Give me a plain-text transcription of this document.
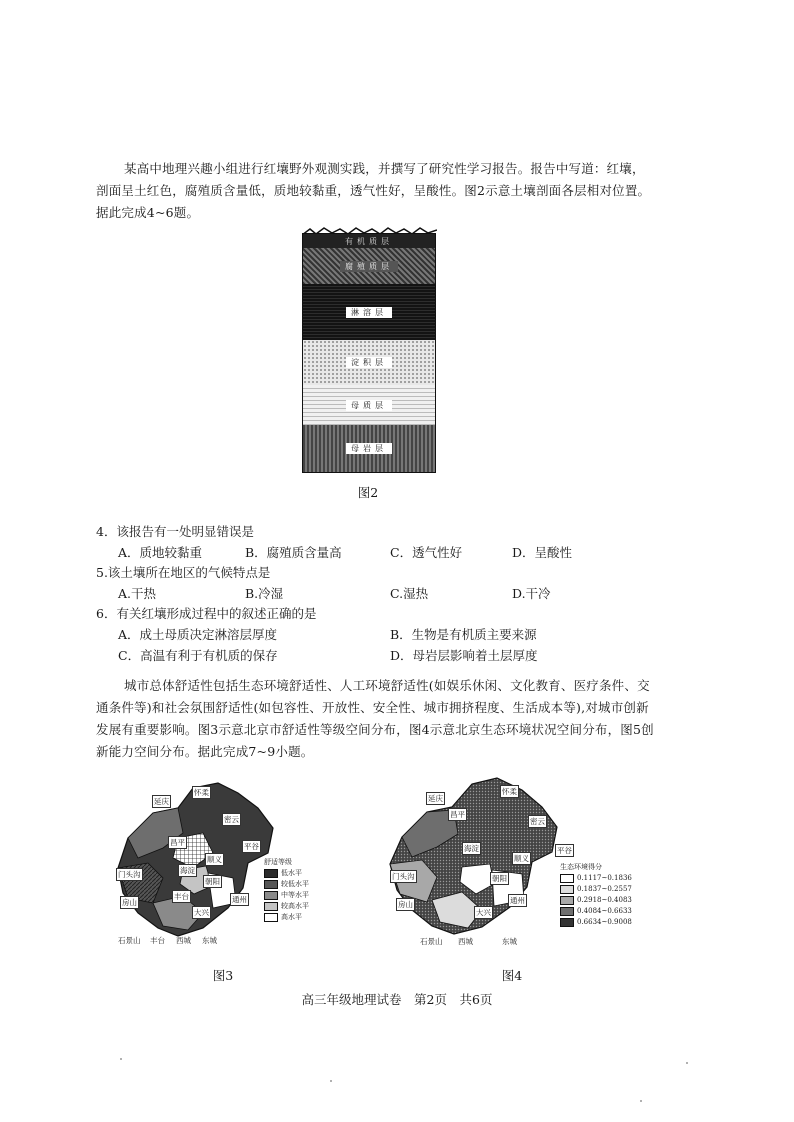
某高中地理兴趣小组进行红壤野外观测实践，并撰写了研究性学习报告。报告中写道：红壤，剖面呈土红色，腐殖质含量低，质地较黏重，透气性好，呈酸性。图2示意土壤剖面各层相对位置。据此完成4~6题。
有机质层
腐殖质层
淋溶层
淀积层
母质层
母岩层
图2
4．该报告有一处明显错误是
A．质地较黏重	B．腐殖质含量高	C．透气性好	D．呈酸性
5.该土壤所在地区的气候特点是
A.干热	B.冷湿	C.湿热	D.干冷
6．有关红壤形成过程中的叙述正确的是
A．成土母质决定淋溶层厚度	B．生物是有机质主要来源
C．高温有利于有机质的保存	D．母岩层影响着土层厚度
城市总体舒适性包括生态环境舒适性、人工环境舒适性(如娱乐休闲、文化教育、医疗条件、交通条件等)和社会氛围舒适性(如包容性、开放性、安全性、城市拥挤程度、生活成本等),对城市创新发展有重要影响。图3示意北京市舒适性等级空间分布，图4示意北京生态环境状况空间分布，图5创新能力空间分布。据此完成7~9小题。
延庆
怀柔
密云
昌平
顺义
平谷
海淀
朝阳
门头沟
房山
大兴
通州
丰台
石景山 丰台 西城 东城
舒适等级
低水平
较低水平
中等水平
较高水平
高水平
图3
延庆
怀柔
密云
昌平
顺义
平谷
海淀
朝阳
门头沟
房山
大兴
通州
石景山 西城	东城
生态环境得分
0.1117~0.1836
0.1837~0.2557
0.2918~0.4083
0.4084~0.6633
0.6634~0.9008
图4
高三年级地理试卷　第2页　共6页
